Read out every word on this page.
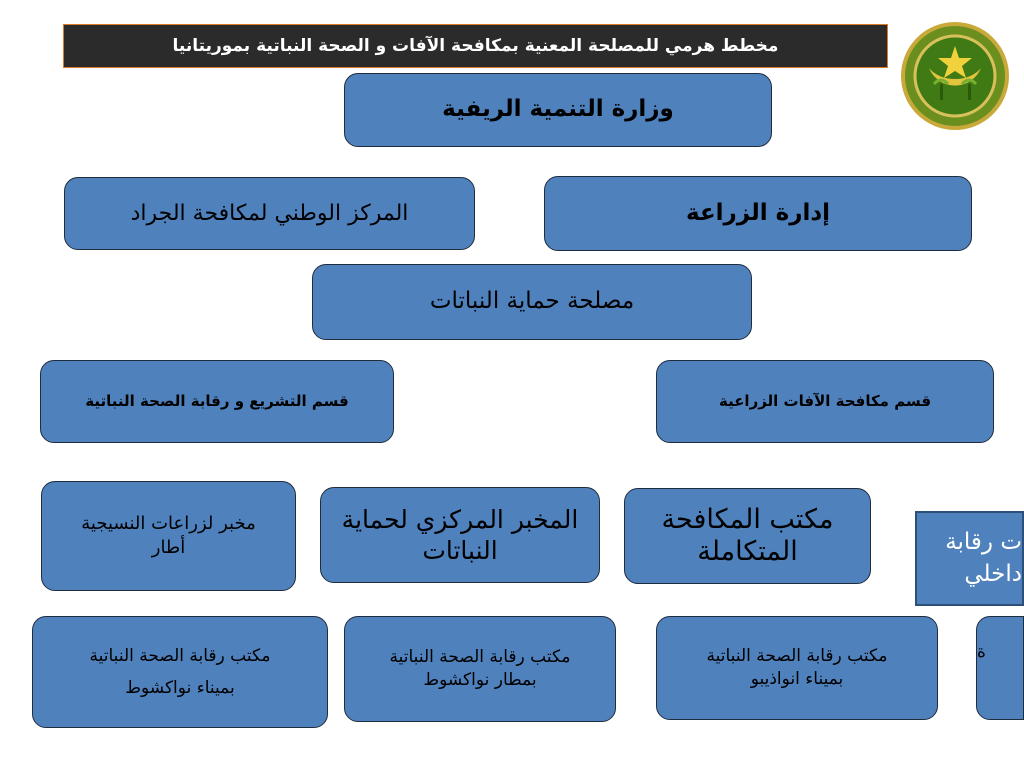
مخطط هرمي للمصلحة المعنية بمكافحة الآفات و الصحة النباتية بموريتانيا
وزارة التنمية الريفية
إدارة الزراعة
المركز الوطني لمكافحة الجراد
مصلحة حماية النباتات
قسم التشريع و رقابة الصحة النباتية	قسم مكافحة الآفات الزراعية
مخبر لزراعات النسيجية
أطار
المخبر المركزي لحماية
النباتات
مكتب المكافحة
المتكاملة	ت رقابة
داخلي
مكتب رقابة الصحة النباتية
بميناء نواكشوط
مكتب رقابة الصحة النباتية
بمطار نواكشوط
مكتب رقابة الصحة النباتية
بميناء انواذيبو
ة
